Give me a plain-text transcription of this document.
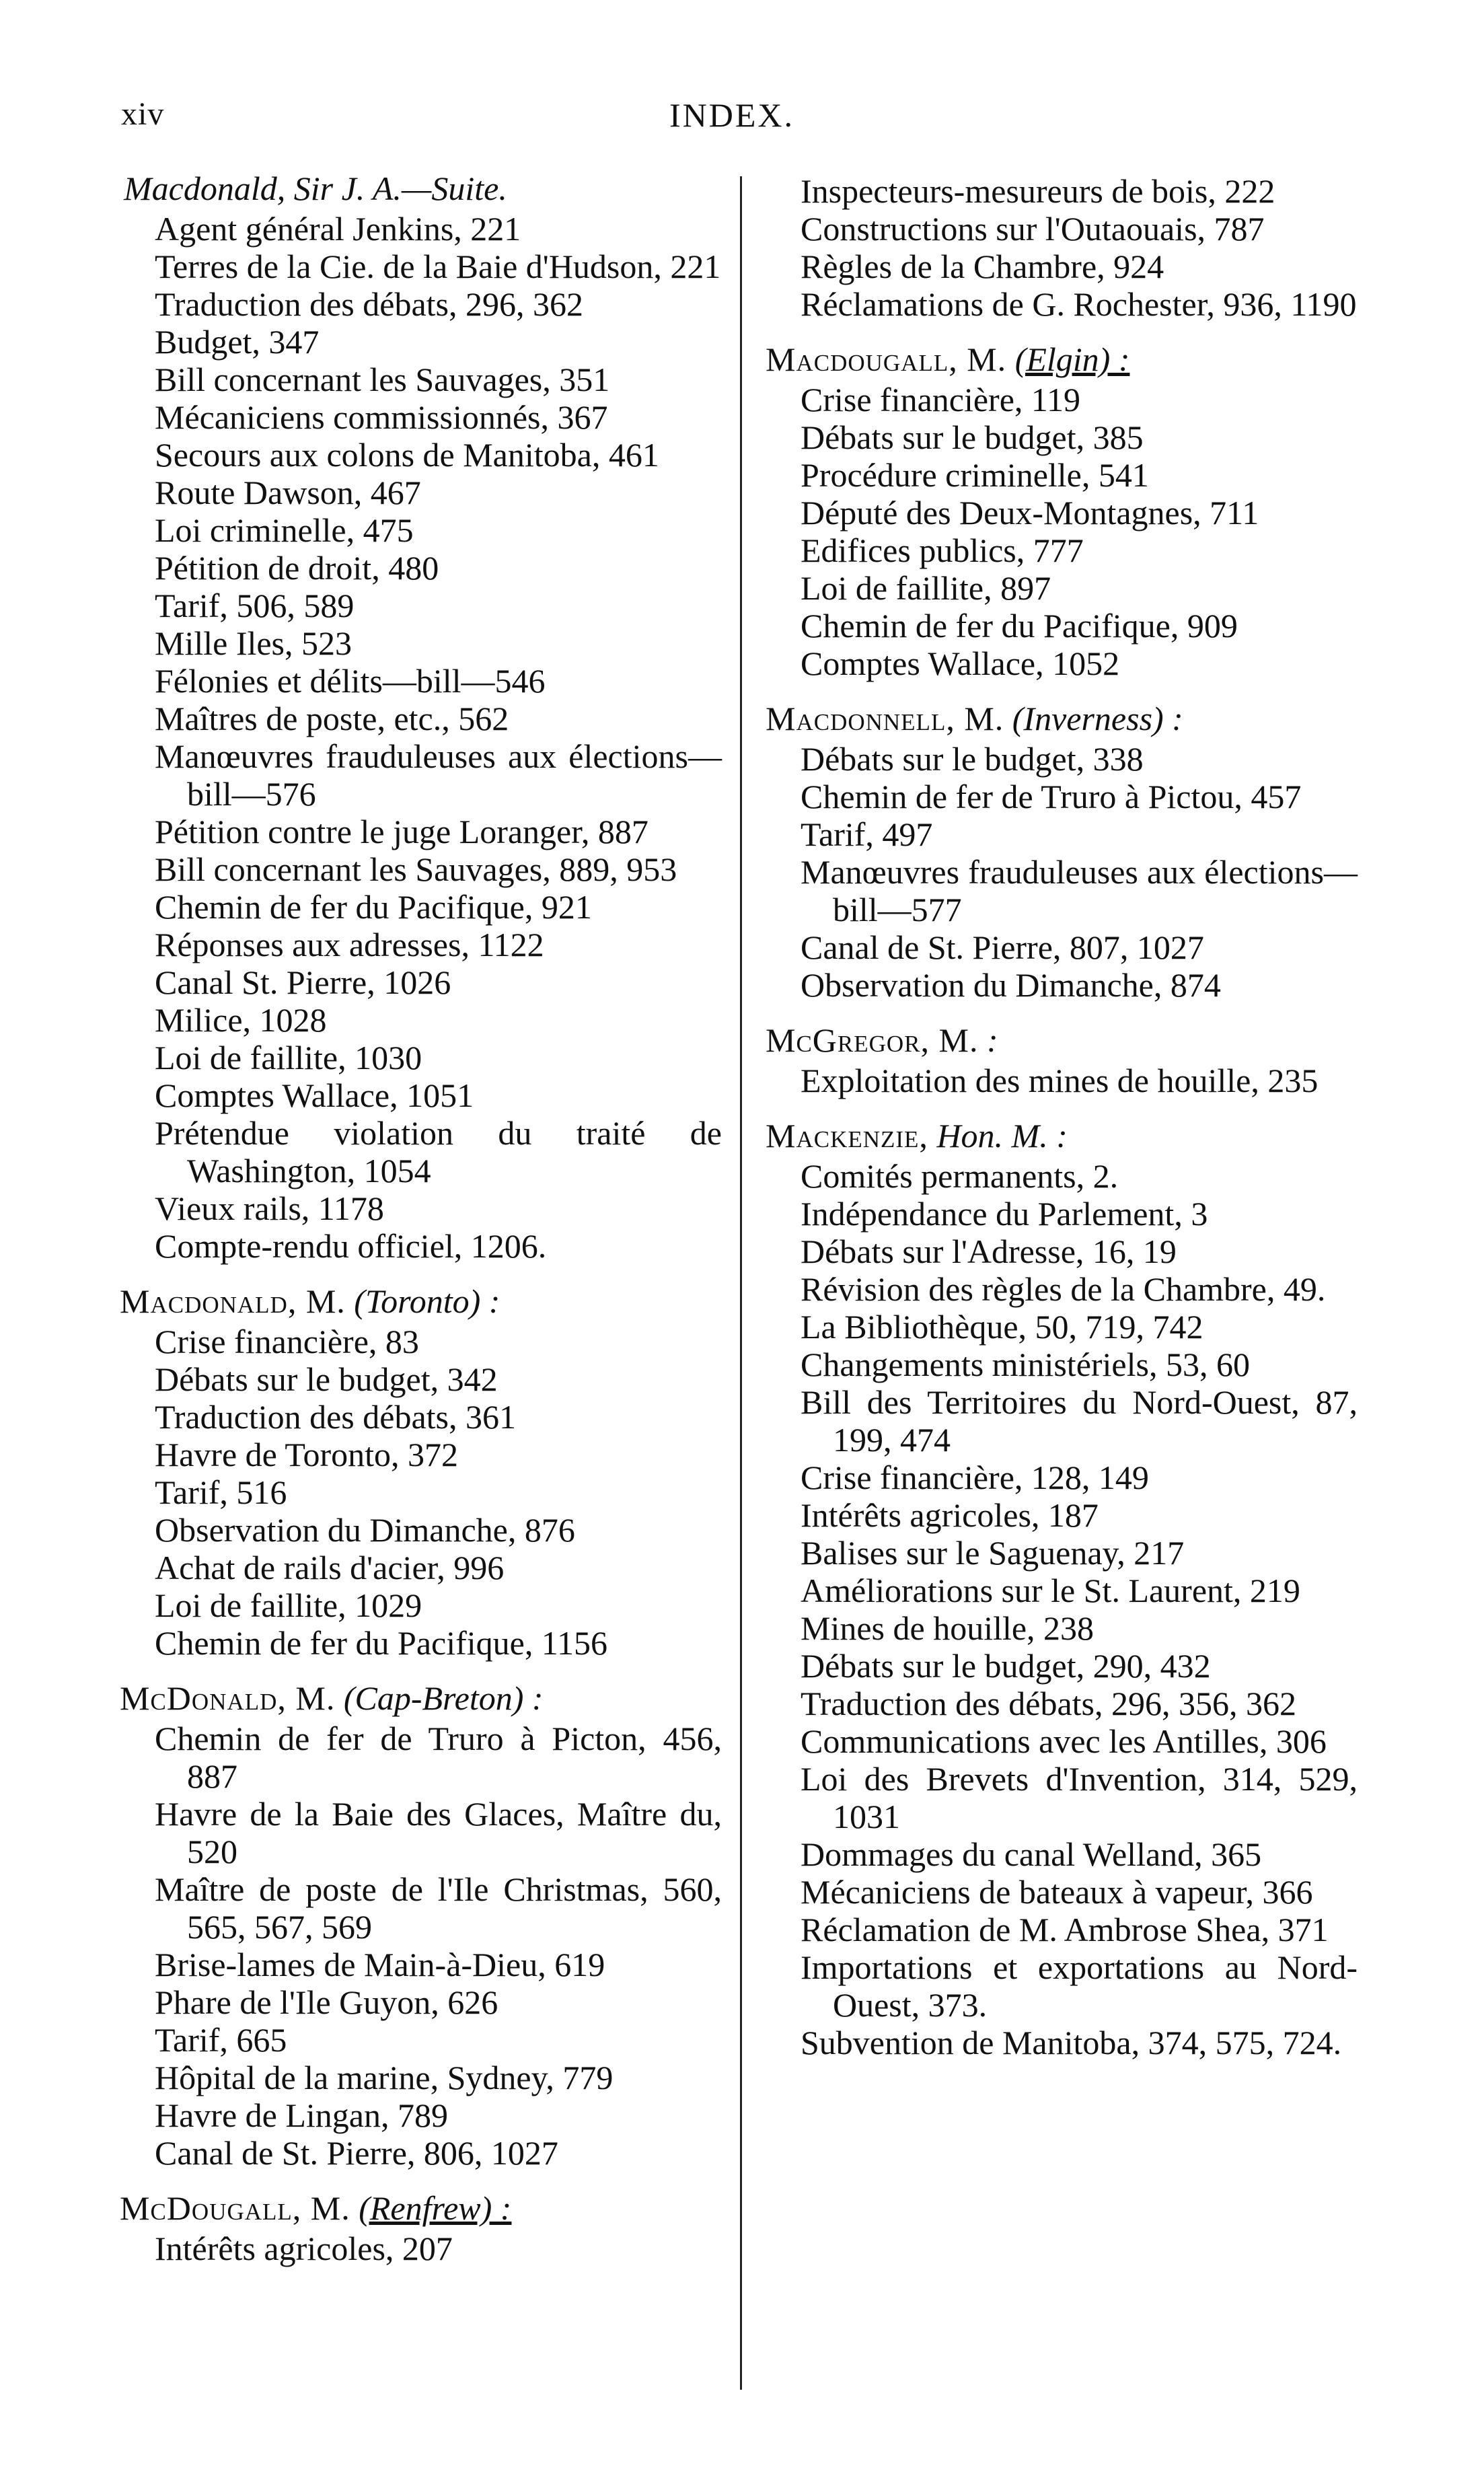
xiv	INDEX.
Macdonald, Sir J. A.—Suite.
Agent général Jenkins, 221
Terres de la Cie. de la Baie d'Hudson, 221
Traduction des débats, 296, 362
Budget, 347
Bill concernant les Sauvages, 351
Mécaniciens commissionnés, 367
Secours aux colons de Manitoba, 461
Route Dawson, 467
Loi criminelle, 475
Pétition de droit, 480
Tarif, 506, 589
Mille Iles, 523
Félonies et délits—bill—546
Maîtres de poste, etc., 562
Manœuvres frauduleuses aux élections—bill—576
Pétition contre le juge Loranger, 887
Bill concernant les Sauvages, 889, 953
Chemin de fer du Pacifique, 921
Réponses aux adresses, 1122
Canal St. Pierre, 1026
Milice, 1028
Loi de faillite, 1030
Comptes Wallace, 1051
Prétendue violation du traité de Washington, 1054
Vieux rails, 1178
Compte-rendu officiel, 1206.
Macdonald, M. (Toronto) :
Crise financière, 83
Débats sur le budget, 342
Traduction des débats, 361
Havre de Toronto, 372
Tarif, 516
Observation du Dimanche, 876
Achat de rails d'acier, 996
Loi de faillite, 1029
Chemin de fer du Pacifique, 1156
McDonald, M. (Cap-Breton) :
Chemin de fer de Truro à Picton, 456, 887
Havre de la Baie des Glaces, Maître du, 520
Maître de poste de l'Ile Christmas, 560, 565, 567, 569
Brise-lames de Main-à-Dieu, 619
Phare de l'Ile Guyon, 626
Tarif, 665
Hôpital de la marine, Sydney, 779
Havre de Lingan, 789
Canal de St. Pierre, 806, 1027
McDougall, M. (Renfrew) :
Intérêts agricoles, 207
Inspecteurs-mesureurs de bois, 222
Constructions sur l'Outaouais, 787
Règles de la Chambre, 924
Réclamations de G. Rochester, 936, 1190
Macdougall, M. (Elgin) :
Crise financière, 119
Débats sur le budget, 385
Procédure criminelle, 541
Député des Deux-Montagnes, 711
Edifices publics, 777
Loi de faillite, 897
Chemin de fer du Pacifique, 909
Comptes Wallace, 1052
Macdonnell, M. (Inverness) :
Débats sur le budget, 338
Chemin de fer de Truro à Pictou, 457
Tarif, 497
Manœuvres frauduleuses aux élections—bill—577
Canal de St. Pierre, 807, 1027
Observation du Dimanche, 874
McGregor, M. :
Exploitation des mines de houille, 235
Mackenzie, Hon. M. :
Comités permanents, 2.
Indépendance du Parlement, 3
Débats sur l'Adresse, 16, 19
Révision des règles de la Chambre, 49.
La Bibliothèque, 50, 719, 742
Changements ministériels, 53, 60
Bill des Territoires du Nord-Ouest, 87, 199, 474
Crise financière, 128, 149
Intérêts agricoles, 187
Balises sur le Saguenay, 217
Améliorations sur le St. Laurent, 219
Mines de houille, 238
Débats sur le budget, 290, 432
Traduction des débats, 296, 356, 362
Communications avec les Antilles, 306
Loi des Brevets d'Invention, 314, 529, 1031
Dommages du canal Welland, 365
Mécaniciens de bateaux à vapeur, 366
Réclamation de M. Ambrose Shea, 371
Importations et exportations au Nord-Ouest, 373.
Subvention de Manitoba, 374, 575, 724.
